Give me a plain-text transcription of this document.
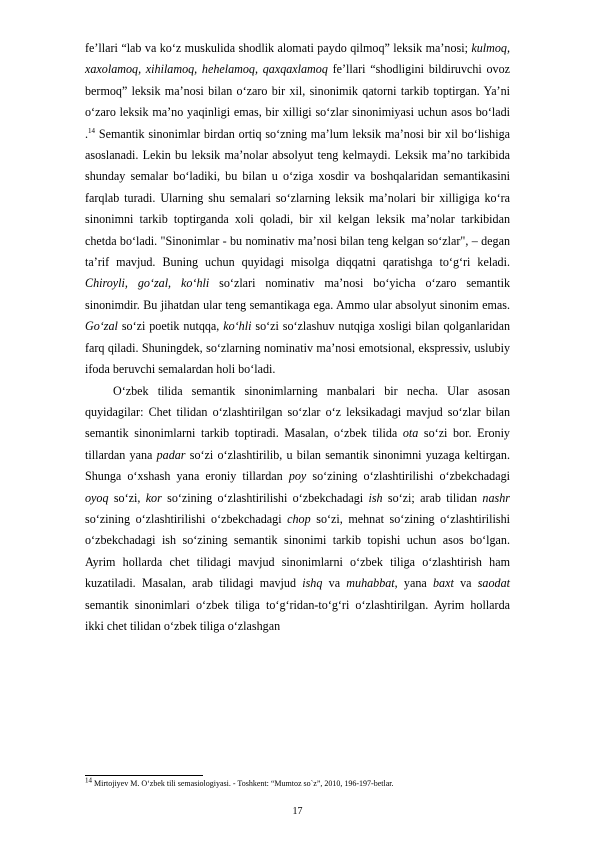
fe’llari “lab va ko‘z muskulida shodlik alomati paydo qilmoq” leksik ma’nosi; kulmoq, xaxolamoq, xihilamoq, hehelamoq, qaxqaxlamoq fe’llari “shodligini bildiruvchi ovoz bermoq” leksik ma’nosi bilan o‘zaro bir xil, sinonimik qatorni tarkib toptirgan. Ya’ni o‘zaro leksik ma’no yaqinligi emas, bir xilligi so‘zlar sinonimiyasi uchun asos bo‘ladi .$^{14}$ Semantik sinonimlar birdan ortiq so‘zning ma’lum leksik ma’nosi bir xil bo‘lishiga asoslanadi. Lekin bu leksik ma’nolar absolyut teng kelmaydi. Leksik ma’no tarkibida shunday semalar bo‘ladiki, bu bilan u o‘ziga xosdir va boshqalaridan semantikasini farqlab turadi. Ularning shu semalari so‘zlarning leksik ma’nolari bir xilligiga ko‘ra sinonimni tarkib toptirganda xoli qoladi, bir xil kelgan leksik ma’nolar tarkibidan chetda bo‘ladi. "Sinonimlar - bu nominativ ma’nosi bilan teng kelgan so‘zlar", – degan ta’rif mavjud. Buning uchun quyidagi misolga diqqatni qaratishga to‘g‘ri keladi. Chiroyli, go‘zal, ko‘hli so‘zlari nominativ ma’nosi bo‘yicha o‘zaro semantik sinonimdir. Bu jihatdan ular teng semantikaga ega. Ammo ular absolyut sinonim emas. Go‘zal so‘zi poetik nutqqa, ko‘hli so‘zi so‘zlashuv nutqiga xosligi bilan qolganlaridan farq qiladi. Shuningdek, so‘zlarning nominativ ma’nosi emotsional, ekspressiv, uslubiy ifoda beruvchi semalardan holi bo‘ladi.

O‘zbek tilida semantik sinonimlarning manbalari bir necha. Ular asosan quyidagilar: Chet tilidan o‘zlashtirilgan so‘zlar o‘z leksikadagi mavjud so‘zlar bilan semantik sinonimlarni tarkib toptiradi. Masalan, o‘zbek tilida ota so‘zi bor. Eroniy tillardan yana padar so‘zi o‘zlashtirilib, u bilan semantik sinonimni yuzaga keltirgan. Shunga o‘xshash yana eroniy tillardan poy so‘zining o‘zlashtirilishi o‘zbekchadagi oyoq so‘zi, kor so‘zining o‘zlashtirilishi o‘zbekchadagi ish so‘zi; arab tilidan nashr so‘zining o‘zlashtirilishi o‘zbekchadagi chop so‘zi, mehnat so‘zining o‘zlashtirilishi o‘zbekchadagi ish so‘zining semantik sinonimi tarkib topishi uchun asos bo‘lgan. Ayrim hollarda chet tilidagi mavjud sinonimlarni o‘zbek tiliga o‘zlashtirish ham kuzatiladi. Masalan, arab tilidagi mavjud ishq va muhabbat, yana baxt va saodat semantik sinonimlari o‘zbek tiliga to‘g‘ridan-to‘g‘ri o‘zlashtirilgan. Ayrim hollarda ikki chet tilidan o‘zbek tiliga o‘zlashgan

$^{14}$ Mirtojiyev M. O‘zbek tili semasiologiyasi. - Toshkent: “Mumtoz so`z”, 2010, 196-197-betlar.
17
